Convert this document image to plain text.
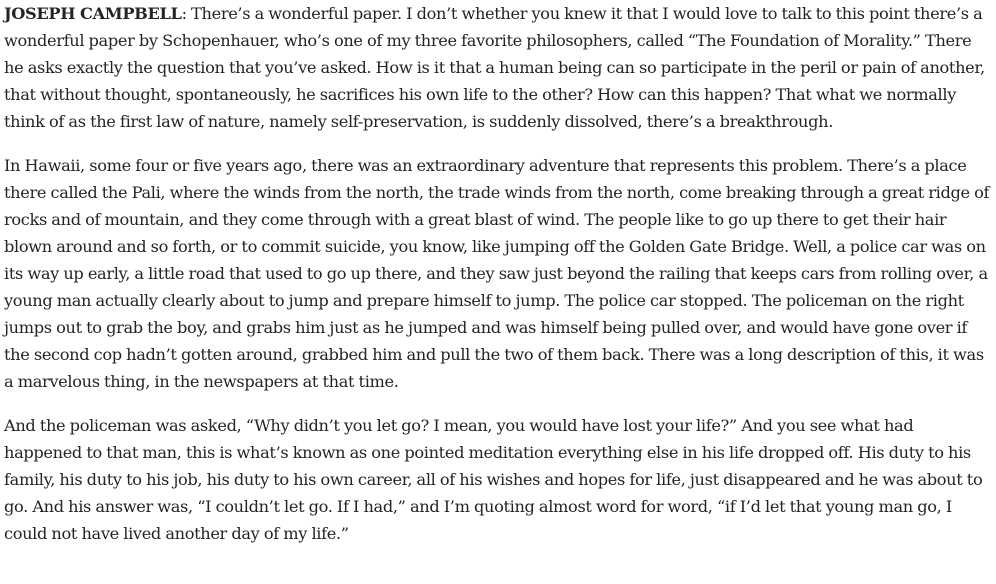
JOSEPH CAMPBELL: There’s a wonderful paper. I don’t whether you knew it that I would love to talk to this point there’s a wonderful paper by Schopenhauer, who’s one of my three favorite philosophers, called “The Foundation of Morality.” There he asks exactly the question that you’ve asked. How is it that a human being can so participate in the peril or pain of another, that without thought, spontaneously, he sacrifices his own life to the other? How can this happen? That what we normally think of as the first law of nature, namely self-preservation, is suddenly dissolved, there’s a breakthrough.

In Hawaii, some four or five years ago, there was an extraordinary adventure that represents this problem. There’s a place there called the Pali, where the winds from the north, the trade winds from the north, come breaking through a great ridge of rocks and of mountain, and they come through with a great blast of wind. The people like to go up there to get their hair blown around and so forth, or to commit suicide, you know, like jumping off the Golden Gate Bridge. Well, a police car was on its way up early, a little road that used to go up there, and they saw just beyond the railing that keeps cars from rolling over, a young man actually clearly about to jump and prepare himself to jump. The police car stopped. The policeman on the right jumps out to grab the boy, and grabs him just as he jumped and was himself being pulled over, and would have gone over if the second cop hadn’t gotten around, grabbed him and pull the two of them back. There was a long description of this, it was a marvelous thing, in the newspapers at that time.

And the policeman was asked, “Why didn’t you let go? I mean, you would have lost your life?” And you see what had happened to that man, this is what’s known as one pointed meditation everything else in his life dropped off. His duty to his family, his duty to his job, his duty to his own career, all of his wishes and hopes for life, just disappeared and he was about to go. And his answer was, “I couldn’t let go. If I had,” and I’m quoting almost word for word, “if I’d let that young man go, I could not have lived another day of my life.”
